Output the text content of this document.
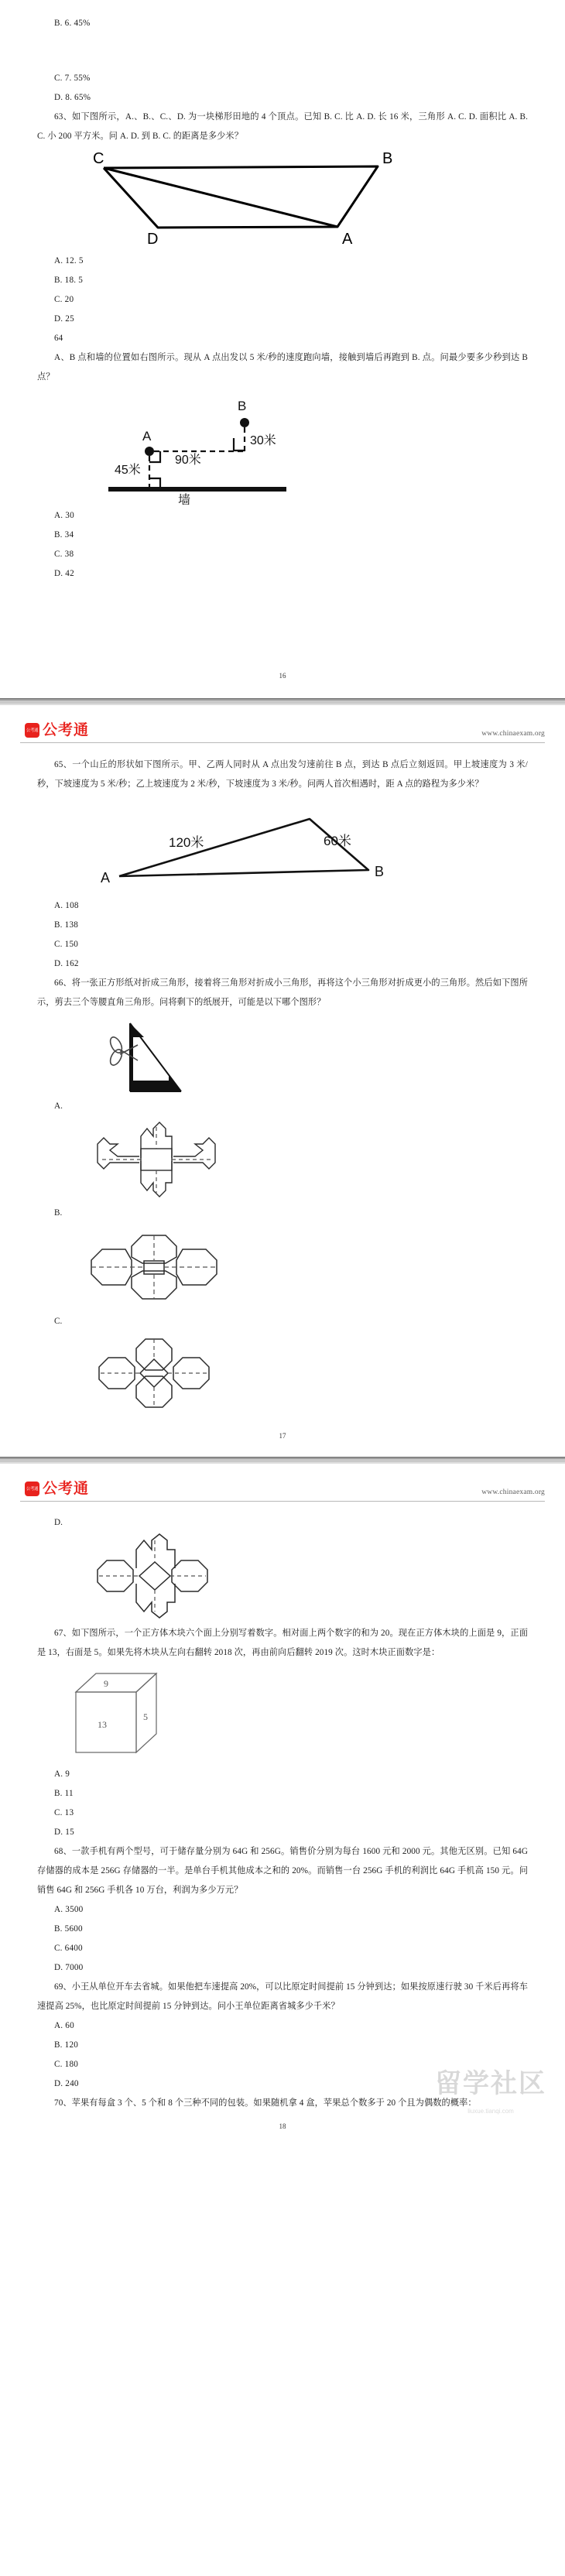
B. 6. 45%

C. 7. 55%

D. 8. 65%

63、如下图所示，A.、B.、C.、D. 为一块梯形田地的 4 个顶点。已知 B. C. 比 A. D. 长 16 米，三角形 A. C. D. 面积比 A. B. C. 小 200 平方米。问 A. D. 到 B. C. 的距离是多少米？

C	B
D	A

A. 12. 5

B. 18. 5

C. 20

D. 25

64

A、B 点和墙的位置如右图所示。现从 A 点出发以 5 米/秒的速度跑向墙，接触到墙后再跑到 B. 点。问最少要多少秒到达 B 点？

B
30米
A
90米
45米
墙

A. 30

B. 34

C. 38

D. 42

16
公考通 公考通	www.chinaexam.org

65、一个山丘的形状如下图所示。甲、乙两人同时从 A 点出发匀速前往 B 点，到达 B 点后立刻返回。甲上坡速度为 3 米/秒，下坡速度为 5 米/秒；乙上坡速度为 2 米/秒，下坡速度为 3 米/秒。问两人首次相遇时，距 A 点的路程为多少米？

A	B
120米	60米

A. 108

B. 138

C. 150

D. 162

66、将一张正方形纸对折成三角形，接着将三角形对折成小三角形，再将这个小三角形对折成更小的三角形。然后如下图所示，剪去三个等腰直角三角形。问将剩下的纸展开，可能是以下哪个图形？

A.

B.

C.

17
公考通 公考通	www.chinaexam.org

D.

67、如下图所示，一个正方体木块六个面上分别写着数字。相对面上两个数字的和为 20。现在正方体木块的上面是 9，正面是 13，右面是 5。如果先将木块从左向右翻转 2018 次，再由前向后翻转 2019 次。这时木块正面数字是：

9
13
5

A. 9

B. 11

C. 13

D. 15

68、一款手机有两个型号，可于储存量分别为 64G 和 256G。销售价分别为每台 1600 元和 2000 元。其他无区别。已知 64G 存储器的成本是 256G 存储器的一半。是单台手机其他成本之和的 20%。而销售一台 256G 手机的利润比 64G 手机高 150 元。问销售 64G 和 256G 手机各 10 万台，利润为多少万元？

A. 3500

B. 5600

C. 6400

D. 7000

69、小王从单位开车去省城。如果他把车速提高 20%，可以比原定时间提前 15 分钟到达；如果按原速行驶 30 千米后再将车速提高 25%，也比原定时间提前 15 分钟到达。问小王单位距离省城多少千米？

A. 60

B. 120

C. 180

D. 240

70、苹果有每盒 3 个、5 个和 8 个三种不同的包装。如果随机拿 4 盒，苹果总个数多于 20 个且为偶数的概率：

18
留学社区
liuxue.tianqi.com
